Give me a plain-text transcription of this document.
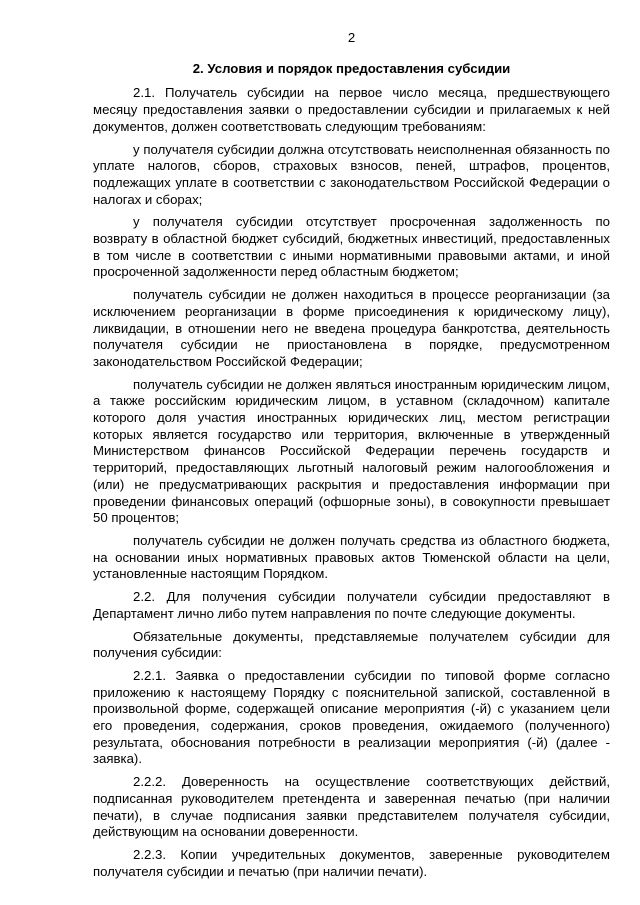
2
2. Условия и порядок предоставления субсидии

2.1. Получатель субсидии на первое число месяца, предшествующего месяцу предоставления заявки о предоставлении субсидии и прилагаемых к ней документов, должен соответствовать следующим требованиям:

у получателя субсидии должна отсутствовать неисполненная обязанность по уплате налогов, сборов, страховых взносов, пеней, штрафов, процентов, подлежащих уплате в соответствии с законодательством Российской Федерации о налогах и сборах;

у получателя субсидии отсутствует просроченная задолженность по возврату в областной бюджет субсидий, бюджетных инвестиций, предоставленных в том числе в соответствии с иными нормативными правовыми актами, и иной просроченной задолженности перед областным бюджетом;

получатель субсидии не должен находиться в процессе реорганизации (за исключением реорганизации в форме присоединения к юридическому лицу), ликвидации, в отношении него не введена процедура банкротства, деятельность получателя субсидии не приостановлена в порядке, предусмотренном законодательством Российской Федерации;

получатель субсидии не должен являться иностранным юридическим лицом, а также российским юридическим лицом, в уставном (складочном) капитале которого доля участия иностранных юридических лиц, местом регистрации которых является государство или территория, включенные в утвержденный Министерством финансов Российской Федерации перечень государств и территорий, предоставляющих льготный налоговый режим налогообложения и (или) не предусматривающих раскрытия и предоставления информации при проведении финансовых операций (офшорные зоны), в совокупности превышает 50 процентов;

получатель субсидии не должен получать средства из областного бюджета, на основании иных нормативных правовых актов Тюменской области на цели, установленные настоящим Порядком.

2.2. Для получения субсидии получатели субсидии предоставляют в Департамент лично либо путем направления по почте следующие документы.

Обязательные документы, представляемые получателем субсидии для получения субсидии:

2.2.1. Заявка о предоставлении субсидии по типовой форме согласно приложению к настоящему Порядку с пояснительной запиской, составленной в произвольной форме, содержащей описание мероприятия (-й) с указанием цели его проведения, содержания, сроков проведения, ожидаемого (полученного) результата, обоснования потребности в реализации мероприятия (-й) (далее - заявка).

2.2.2. Доверенность на осуществление соответствующих действий, подписанная руководителем претендента и заверенная печатью (при наличии печати), в случае подписания заявки представителем получателя субсидии, действующим на основании доверенности.

2.2.3. Копии учредительных документов, заверенные руководителем получателя субсидии и печатью (при наличии печати).
